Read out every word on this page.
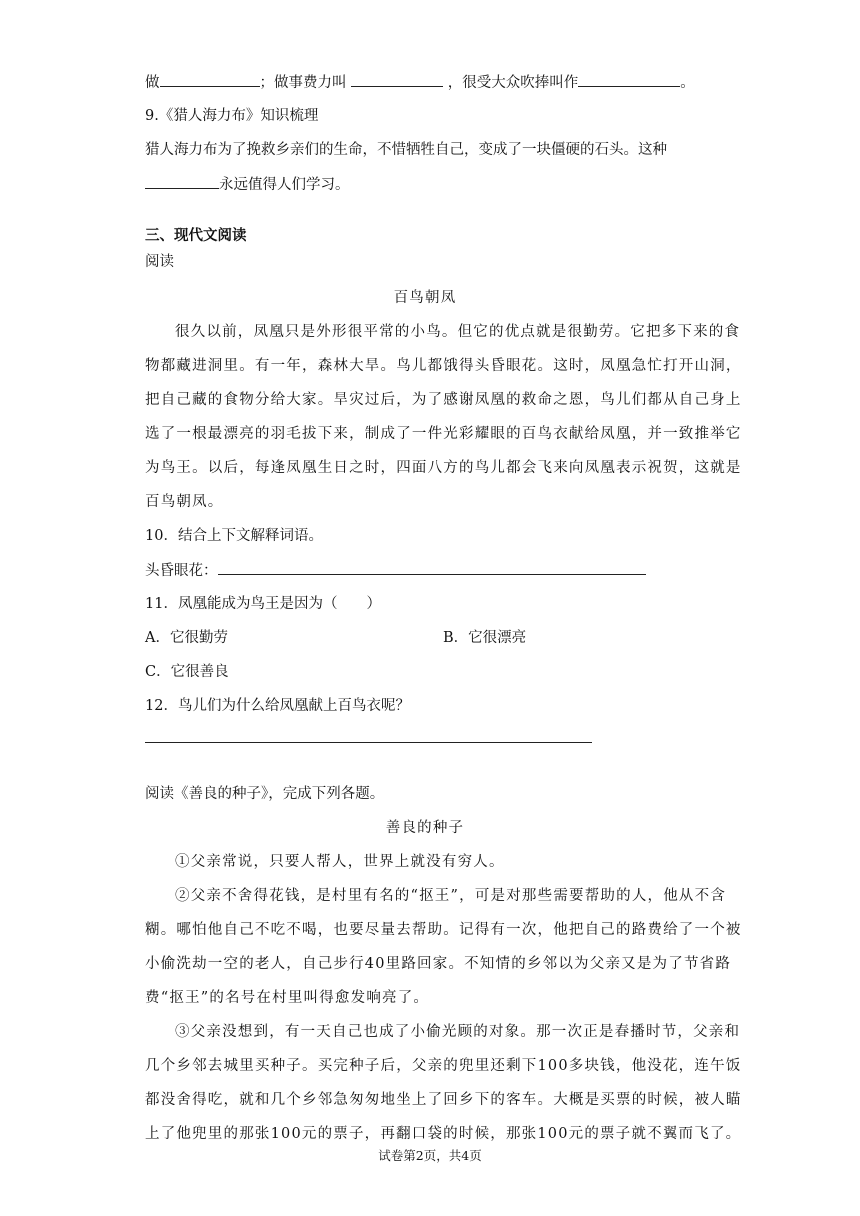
做	；做事费力叫	，很受大众吹捧叫作	。
9.《猎人海力布》知识梳理
猎人海力布为了挽救乡亲们的生命，不惜牺牲自己，变成了一块僵硬的石头。这种
永远值得人们学习。
三、现代文阅读
阅读
百鸟朝凤
很久以前，凤凰只是外形很平常的小鸟。但它的优点就是很勤劳。它把多下来的食
物都藏进洞里。有一年，森林大旱。鸟儿都饿得头昏眼花。这时，凤凰急忙打开山洞，
把自己藏的食物分给大家。旱灾过后，为了感谢凤凰的救命之恩，鸟儿们都从自己身上
选了一根最漂亮的羽毛拔下来，制成了一件光彩耀眼的百鸟衣献给凤凰，并一致推举它
为鸟王。以后，每逢凤凰生日之时，四面八方的鸟儿都会飞来向凤凰表示祝贺，这就是
百鸟朝凤。
10．结合上下文解释词语。
头昏眼花：
11．凤凰能成为鸟王是因为（　　）
A．它很勤劳	B．它很漂亮
C．它很善良
12．鸟儿们为什么给凤凰献上百鸟衣呢？
阅读《善良的种子》，完成下列各题。
善良的种子
①父亲常说，只要人帮人，世界上就没有穷人。
②父亲不舍得花钱，是村里有名的“抠王”，可是对那些需要帮助的人，他从不含
糊。哪怕他自己不吃不喝，也要尽量去帮助。记得有一次，他把自己的路费给了一个被
小偷洗劫一空的老人，自己步行40里路回家。不知情的乡邻以为父亲又是为了节省路
费“抠王”的名号在村里叫得愈发响亮了。
③父亲没想到，有一天自己也成了小偷光顾的对象。那一次正是春播时节，父亲和
几个乡邻去城里买种子。买完种子后，父亲的兜里还剩下100多块钱，他没花，连午饭
都没舍得吃，就和几个乡邻急匆匆地坐上了回乡下的客车。大概是买票的时候，被人瞄
上了他兜里的那张100元的票子，再翻口袋的时候，那张100元的票子就不翼而飞了。
试卷第2页，共4页
